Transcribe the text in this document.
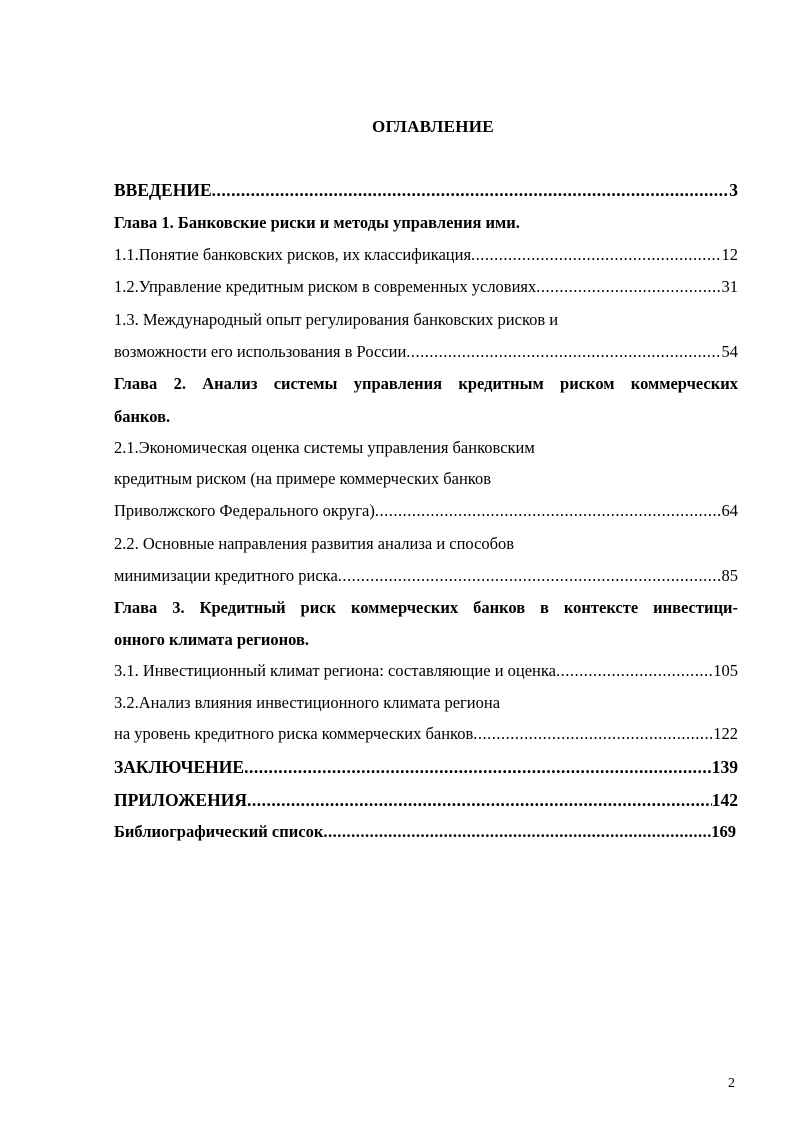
ОГЛАВЛЕНИЕ
ВВЕДЕНИЕ .....	3
Глава 1. Банковские риски и методы управления ими.
1.1.Понятие банковских рисков, их классификация .....	12
1.2.Управление кредитным риском в современных условиях .....	31
1.3. Международный опыт регулирования банковских рисков и
возможности его использования в России .....	54
Глава 2. Анализ системы управления кредитным риском коммерческих
банков.
2.1.Экономическая оценка системы управления банковским
кредитным риском (на примере коммерческих банков
Приволжского Федерального округа) .....	64
2.2. Основные направления развития анализа и способов
минимизации кредитного риска .....	85
Глава 3. Кредитный риск коммерческих банков в контексте инвестици-
онного климата регионов.
3.1. Инвестиционный климат региона: составляющие и оценка .....	105
3.2.Анализ влияния инвестиционного климата региона
на уровень кредитного риска коммерческих банков .....	122
ЗАКЛЮЧЕНИЕ .....	139
ПРИЛОЖЕНИЯ .....	142
Библиографический список .....	169
2
